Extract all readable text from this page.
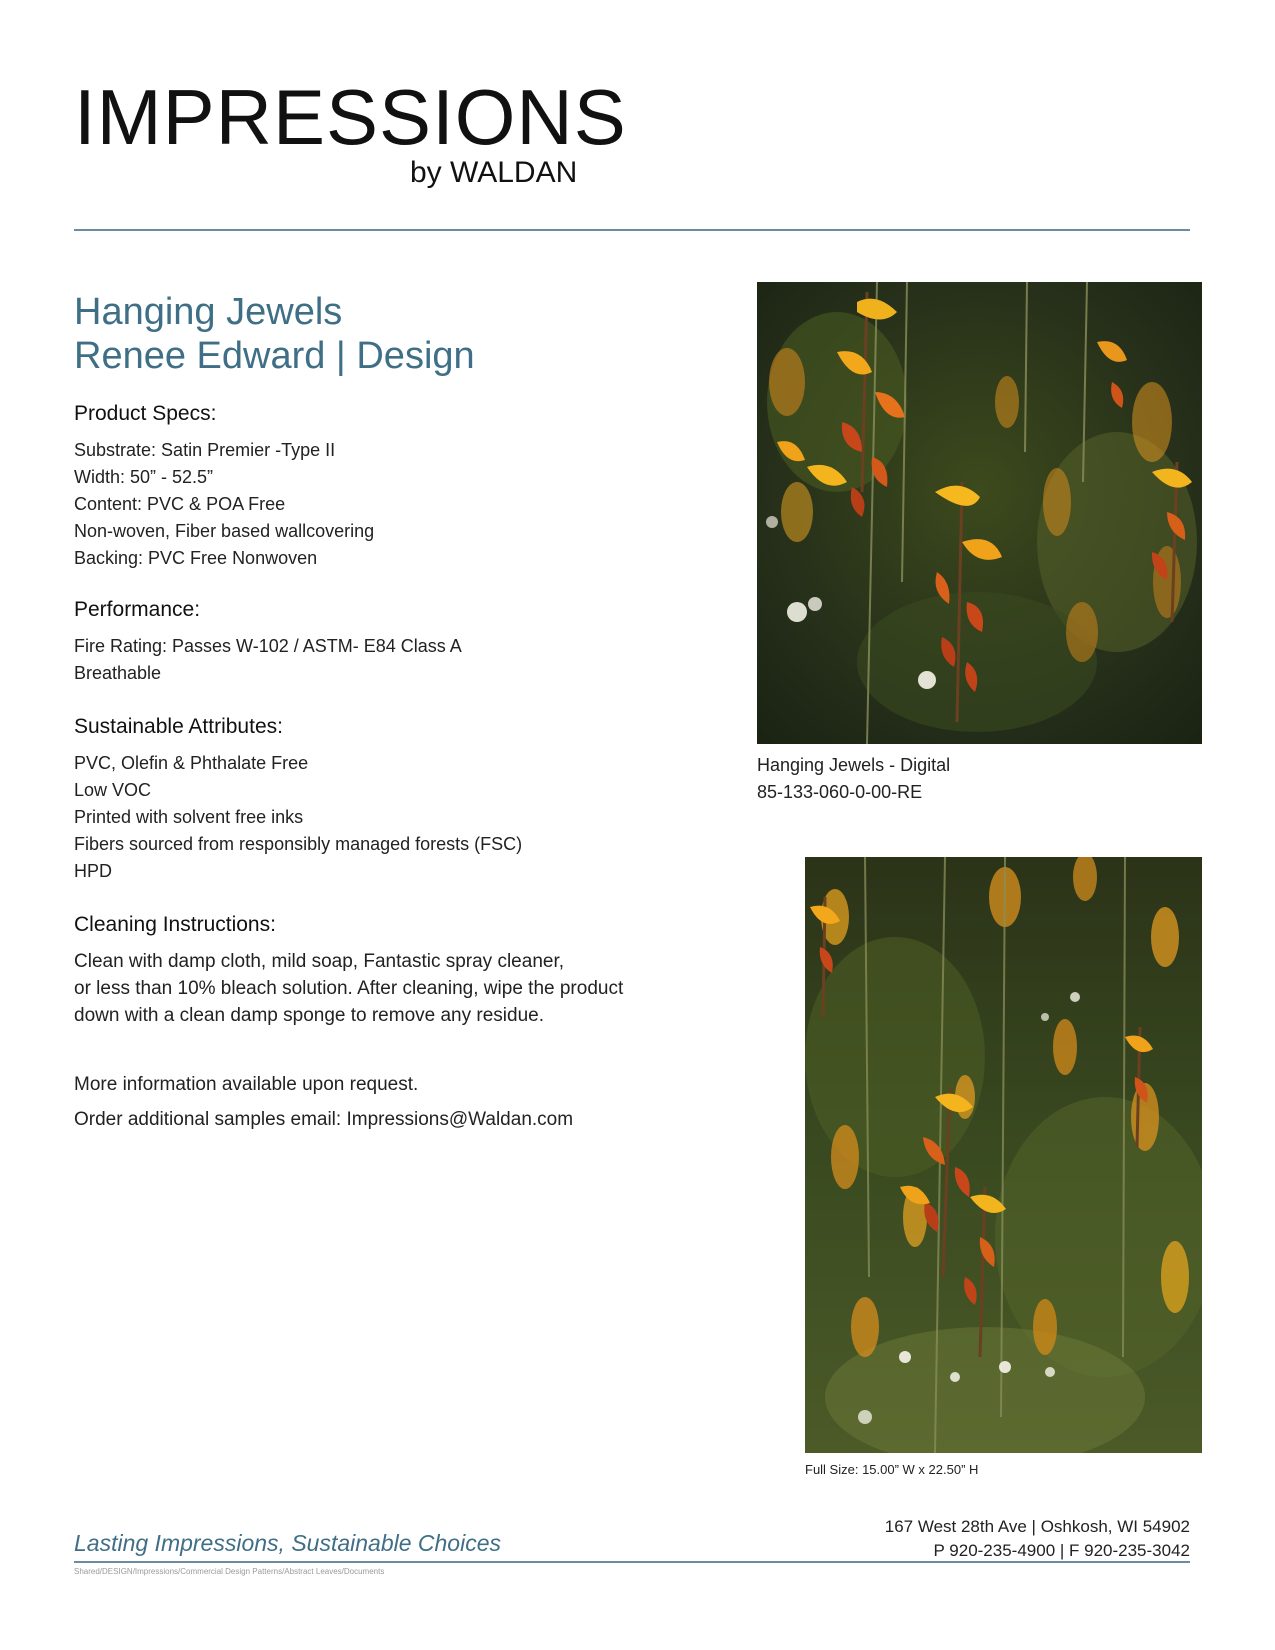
IMPRESSIONS
by WALDAN
Hanging Jewels
Renee Edward | Design
Product Specs:
Substrate: Satin Premier -Type II
Width: 50” - 52.5”
Content: PVC & POA Free
Non-woven, Fiber based wallcovering
Backing: PVC Free Nonwoven
Performance:
Fire Rating: Passes W-102 / ASTM- E84 Class A
Breathable
Sustainable Attributes:
PVC, Olefin & Phthalate Free
Low VOC
Printed with solvent free inks
Fibers sourced from responsibly managed forests (FSC)
HPD
Cleaning Instructions:
Clean with damp cloth, mild soap, Fantastic spray cleaner,
or less than 10% bleach solution. After cleaning, wipe the product
down with a clean damp sponge to remove any residue.
More information available upon request.
Order additional samples email: Impressions@Waldan.com
Hanging Jewels - Digital
85-133-060-0-00-RE
Full Size: 15.00” W x 22.50” H
Lasting Impressions, Sustainable Choices
167 West 28th Ave | Oshkosh, WI 54902
P 920-235-4900 | F 920-235-3042
Shared/DESIGN/Impressions/Commercial Design Patterns/Abstract Leaves/Documents
